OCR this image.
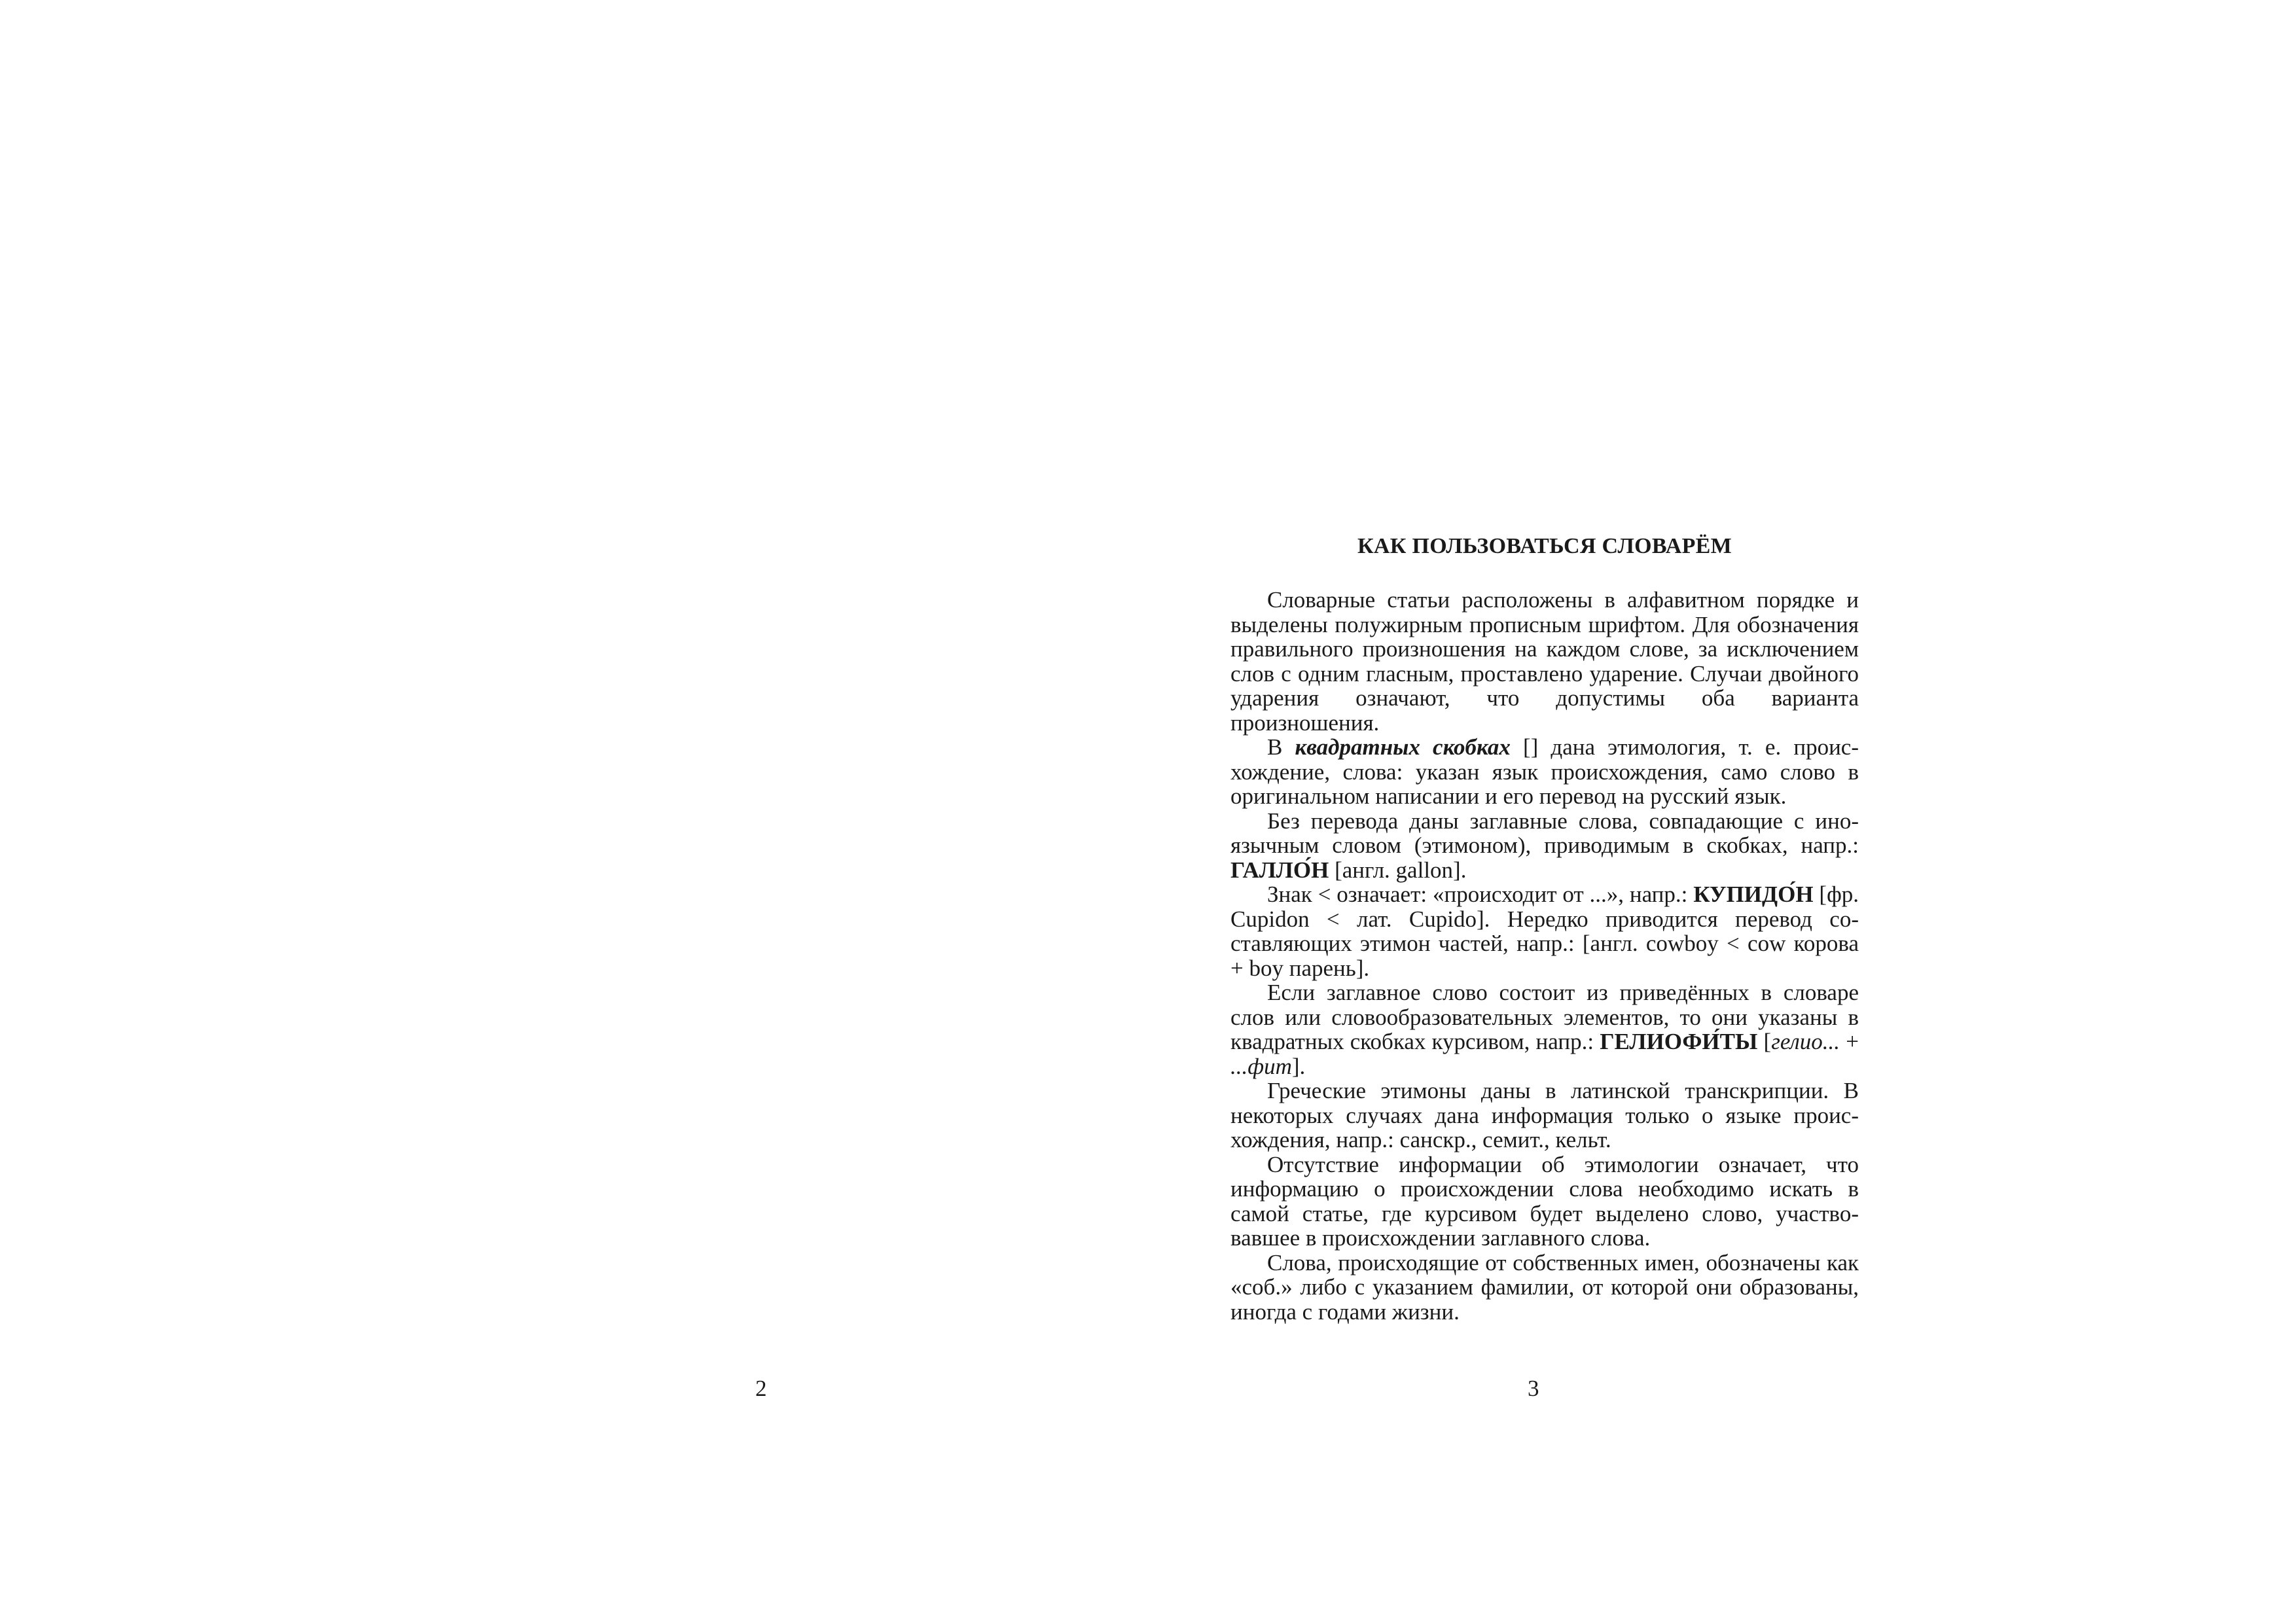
2
КАК ПОЛЬЗОВАТЬСЯ СЛОВАРЁМ

Словарные статьи расположены в алфавитном порядке и выделены полужирным прописным шрифтом. Для обозначения правильного произношения на каждом слове, за исключением слов с одним гласным, проставлено ударение. Случаи двойного ударения означают, что допустимы оба варианта произношения.

В квадратных скобках [] дана этимология, т. е. происхождение, слова: указан язык происхождения, само слово в оригинальном написании и его перевод на русский язык.

Без перевода даны заглавные слова, совпадающие с иноязычным словом (этимоном), приводимым в скобках, напр.: ГАЛЛО́Н [англ. gallon].

Знак < означает: «происходит от ...», напр.: КУПИДО́Н [фр. Cupidon < лат. Cupido]. Нередко приводится перевод составляющих этимон частей, напр.: [англ. cowboy < cow корова + boy парень].

Если заглавное слово состоит из приведённых в словаре слов или словообразовательных элементов, то они указаны в квадратных скобках курсивом, напр.: ГЕЛИОФИ́ТЫ [гелио... + ...фит].

Греческие этимоны даны в латинской транскрипции. В некоторых случаях дана информация только о языке происхождения, напр.: санскр., семит., кельт.

Отсутствие информации об этимологии означает, что информацию о происхождении слова необходимо искать в самой статье, где курсивом будет выделено слово, участвовавшее в происхождении заглавного слова.

Слова, происходящие от собственных имен, обозначены как «соб.» либо с указанием фамилии, от которой они образованы, иногда с годами жизни.

3
